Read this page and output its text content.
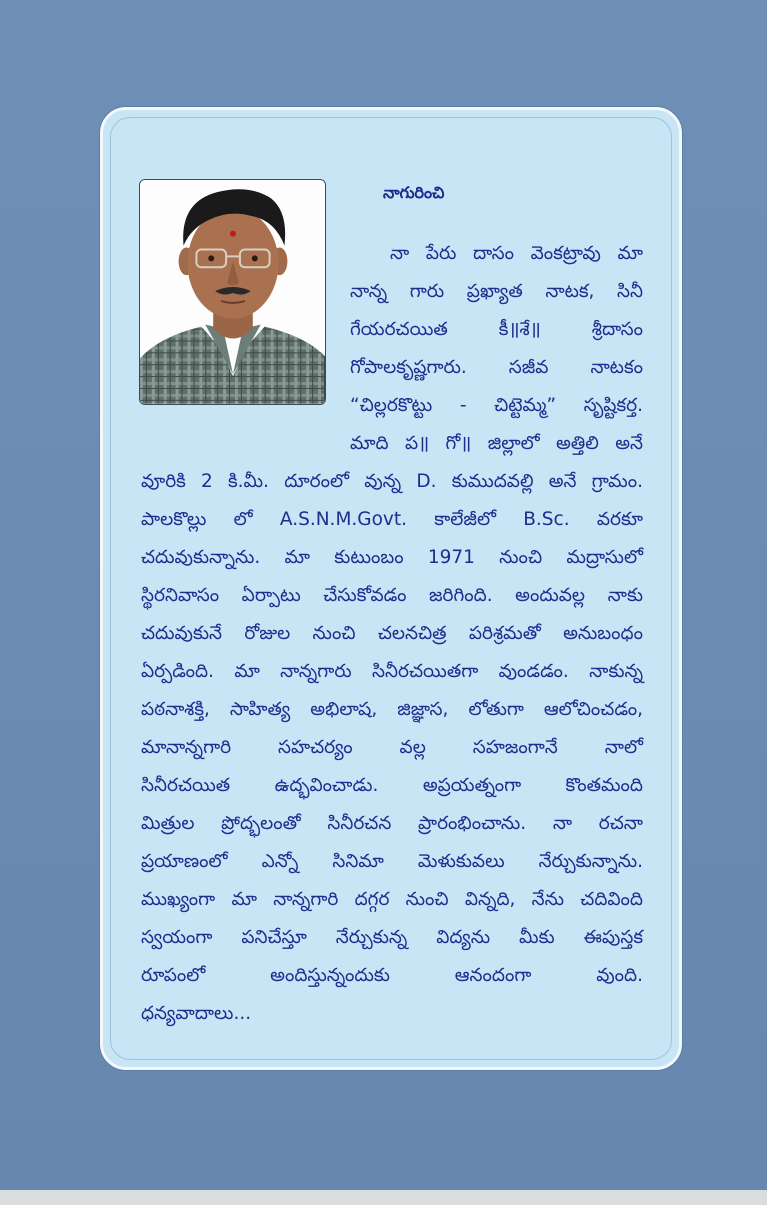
నాగురించి

నా పేరు దాసం వెంకట్రావు మా

నాన్న గారు ప్రఖ్యాత నాటక, సినీ

గేయరచయిత కీ॥శే॥ శ్రీదాసం

గోపాలకృష్ణగారు. సజీవ నాటకం

“చిల్లరకొట్టు - చిట్టెమ్మ” సృష్టికర్త.

మాది ప॥ గో॥ జిల్లాలో అత్తిలి అనే

వూరికి 2 కి.మీ. దూరంలో వున్న D. కుముదవల్లి అనే గ్రామం.

పాలకొల్లు లో A.S.N.M.Govt. కాలేజీలో B.Sc. వరకూ

చదువుకున్నాను. మా కుటుంబం 1971 నుంచి మద్రాసులో

స్థిరనివాసం ఏర్పాటు చేసుకోవడం జరిగింది. అందువల్ల నాకు

చదువుకునే రోజుల నుంచి చలనచిత్ర పరిశ్రమతో అనుబంధం

ఏర్పడింది. మా నాన్నగారు సినీరచయితగా వుండడం. నాకున్న

పఠనాశక్తి, సాహిత్య అభిలాష, జిజ్ఞాస, లోతుగా ఆలోచించడం,

మానాన్నగారి సహచర్యం వల్ల సహజంగానే నాలో

సినీరచయిత ఉద్భవించాడు. అప్రయత్నంగా కొంతమంది

మిత్రుల ప్రోద్భలంతో సినీరచన ప్రారంభించాను. నా రచనా

ప్రయాణంలో ఎన్నో సినిమా మెళుకువలు నేర్చుకున్నాను.

ముఖ్యంగా మా నాన్నగారి దగ్గర నుంచి విన్నది, నేను చదివింది

స్వయంగా పనిచేస్తూ నేర్చుకున్న విద్యను మీకు ఈపుస్తక

రూపంలో అందిస్తున్నందుకు ఆనందంగా వుంది.

ధన్యవాదాలు...
